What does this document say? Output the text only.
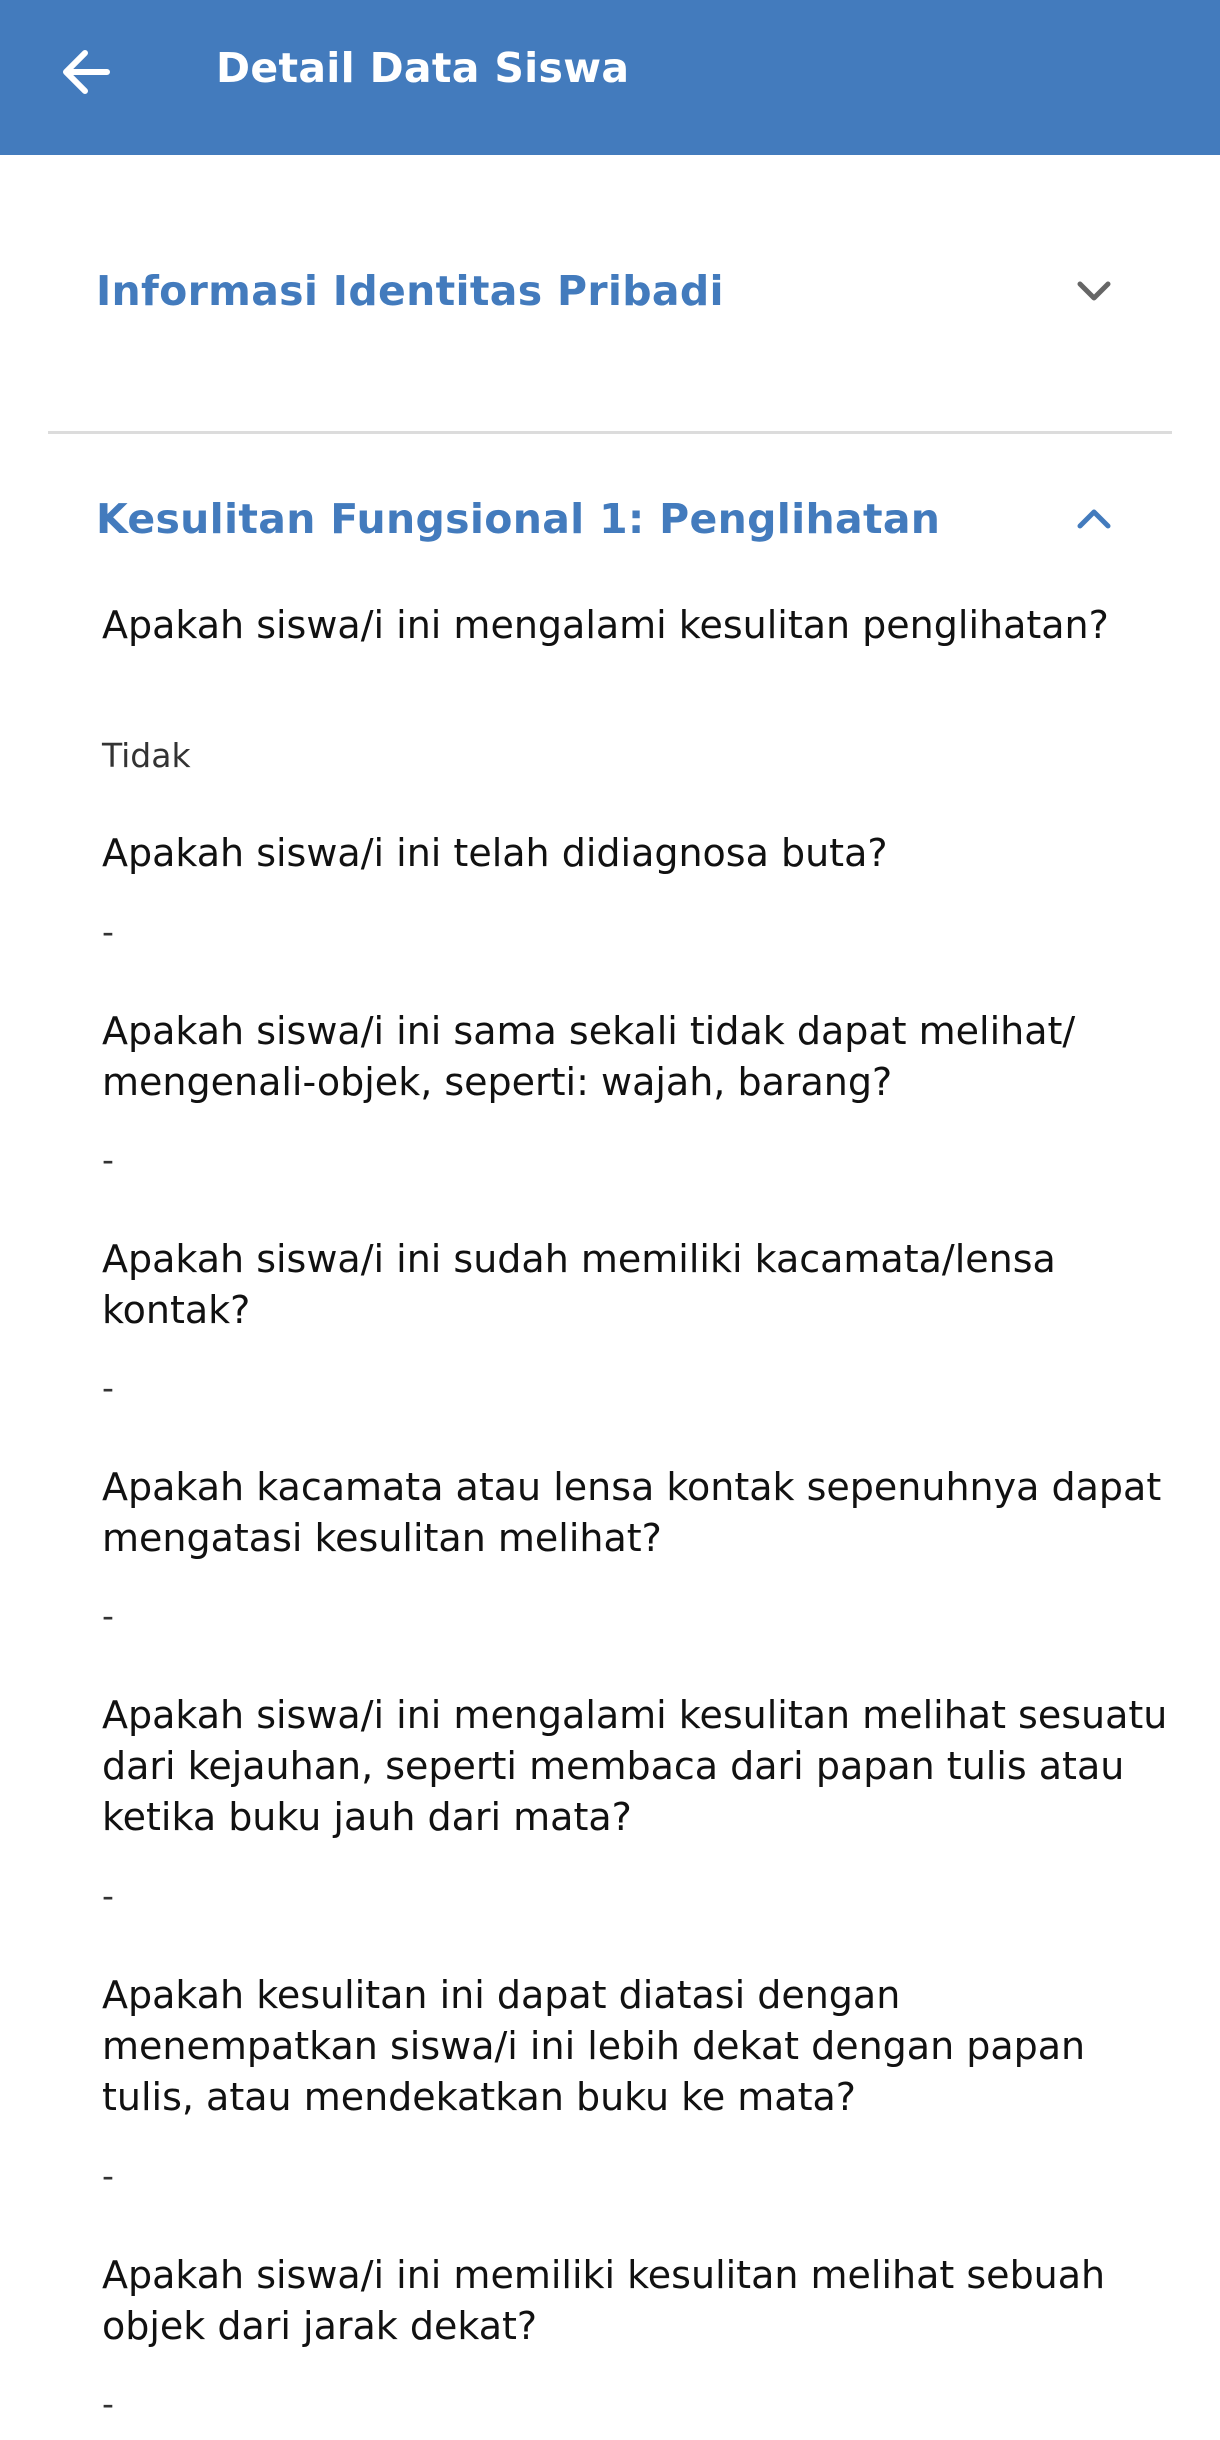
Detail Data Siswa
Informasi Identitas Pribadi
Kesulitan Fungsional 1: Penglihatan
Apakah siswa/i ini mengalami kesulitan penglihatan?
Tidak
Apakah siswa/i ini telah didiagnosa buta?
-
Apakah siswa/i ini sama sekali tidak dapat melihat/ mengenali-objek, seperti: wajah, barang?
-
Apakah siswa/i ini sudah memiliki kacamata/lensa kontak?
-
Apakah kacamata atau lensa kontak sepenuhnya dapat mengatasi kesulitan melihat?
-
Apakah siswa/i ini mengalami kesulitan melihat sesuatu dari kejauhan, seperti membaca dari papan tulis atau ketika buku jauh dari mata?
-
Apakah kesulitan ini dapat diatasi dengan menempatkan siswa/i ini lebih dekat dengan papan tulis, atau mendekatkan buku ke mata?
-
Apakah siswa/i ini memiliki kesulitan melihat sebuah objek dari jarak dekat?
-
